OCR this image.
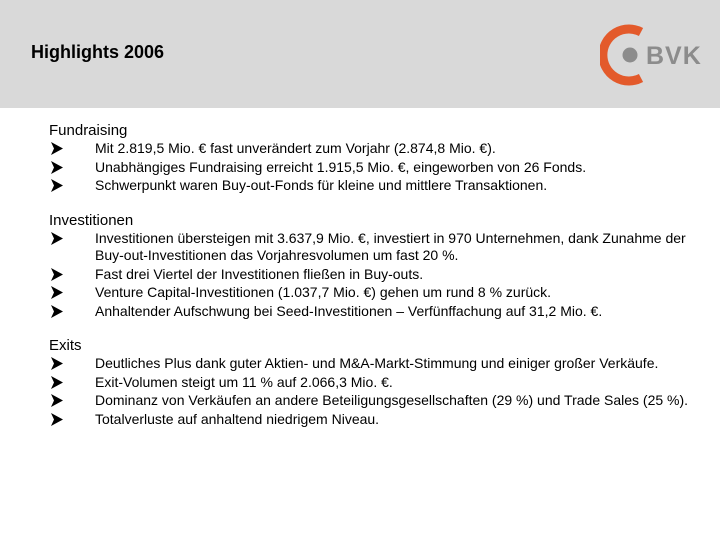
Highlights 2006	BVK
Fundraising
Mit 2.819,5 Mio. € fast unverändert zum Vorjahr (2.874,8 Mio. €).
Unabhängiges Fundraising erreicht 1.915,5 Mio. €, eingeworben von 26 Fonds.
Schwerpunkt waren Buy-out-Fonds für kleine und mittlere Transaktionen.
Investitionen
Investitionen übersteigen mit 3.637,9 Mio. €, investiert in 970 Unternehmen, dank Zunahme der Buy-out-Investitionen das Vorjahresvolumen um fast 20 %.
Fast drei Viertel der Investitionen fließen in Buy-outs.
Venture Capital-Investitionen (1.037,7 Mio. €) gehen um rund 8 % zurück.
Anhaltender Aufschwung bei Seed-Investitionen – Verfünffachung auf 31,2 Mio. €.
Exits
Deutliches Plus dank guter Aktien- und M&A-Markt-Stimmung und einiger großer Verkäufe.
Exit-Volumen steigt um 11 % auf 2.066,3 Mio. €.
Dominanz von Verkäufen an andere Beteiligungsgesellschaften (29 %) und Trade Sales (25 %).
Totalverluste auf anhaltend niedrigem Niveau.
